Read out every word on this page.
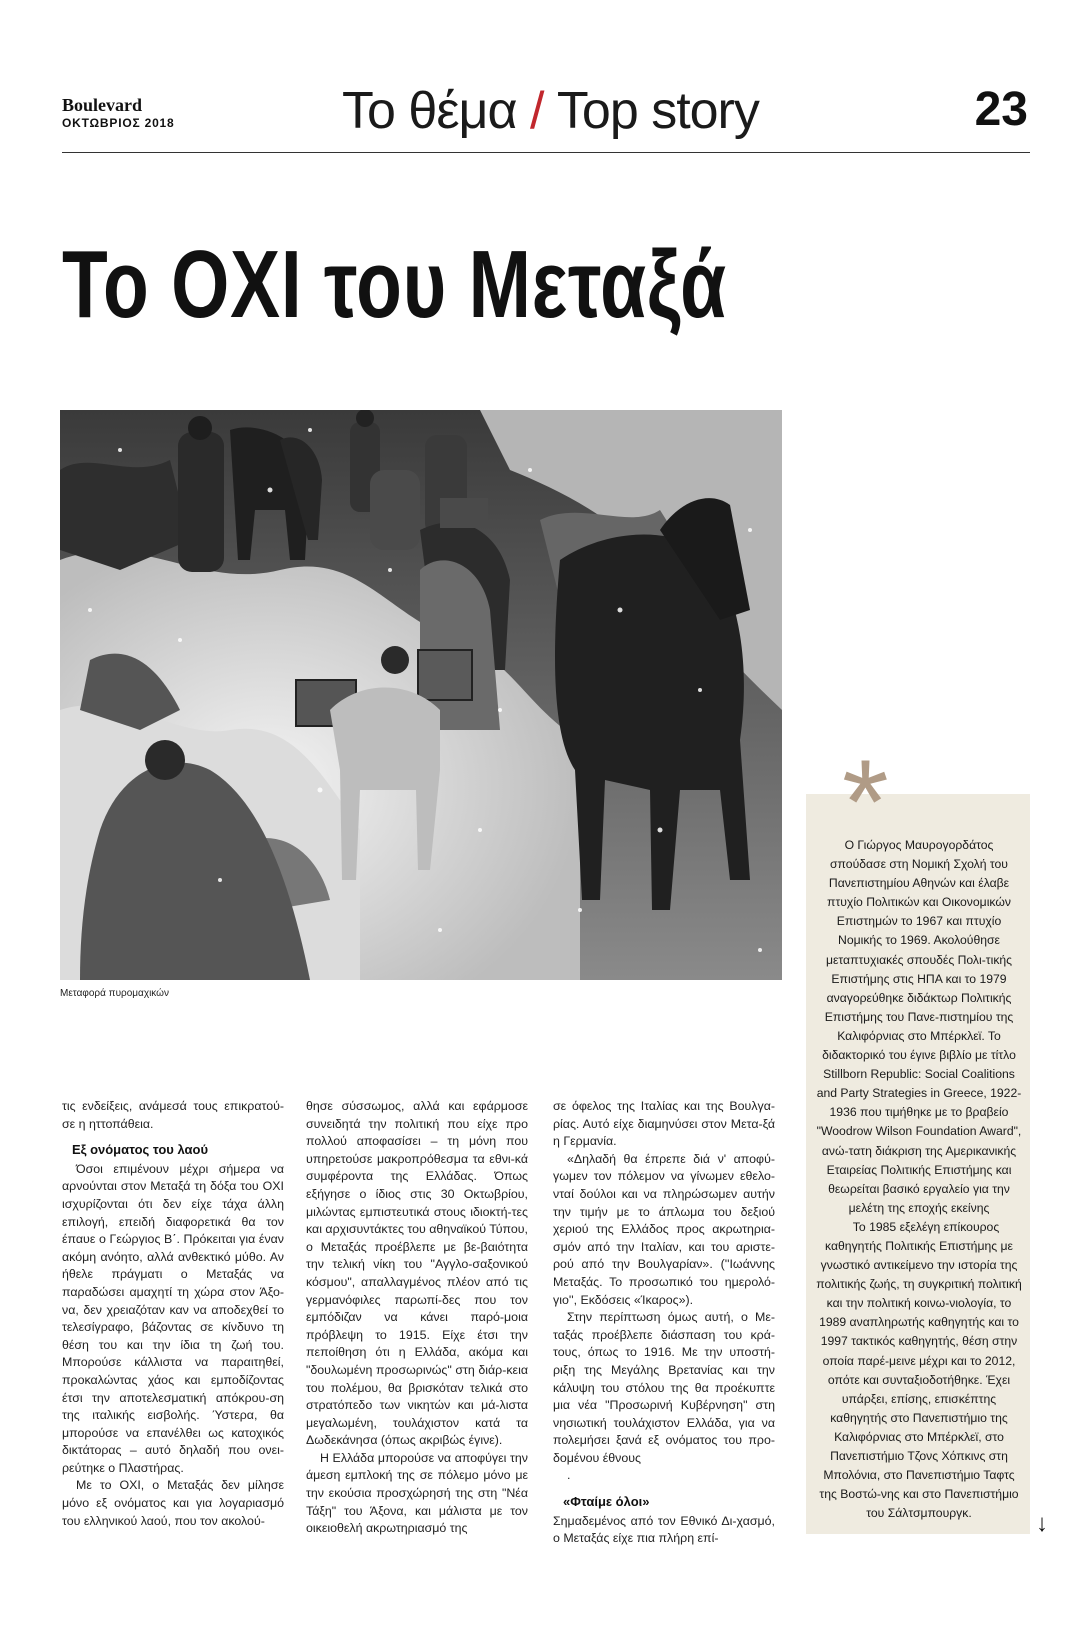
Boulevard
ΟΚΤΩΒΡΙΟΣ 2018	Το θέμα / Top story	23
Το ΟΧΙ του Μεταξά
Μεταφορά πυρομαχικών

τις ενδείξεις, ανάμεσά τους επικρατού-σε η ηττοπάθεια.

Εξ ονόματος του λαού

Όσοι επιμένουν μέχρι σήμερα να αρνούνται στον Μεταξά τη δόξα του ΟΧΙ ισχυρίζονται ότι δεν είχε τάχα άλλη επιλογή, επειδή διαφορετικά θα τον έπαυε ο Γεώργιος Β΄. Πρόκειται για έναν ακόμη ανόητο, αλλά ανθεκτικό μύθο. Αν ήθελε πράγματι ο Μεταξάς να παραδώσει αμαχητί τη χώρα στον Άξο-να, δεν χρειαζόταν καν να αποδεχθεί το τελεσίγραφο, βάζοντας σε κίνδυνο τη θέση του και την ίδια τη ζωή του. Μπορούσε κάλλιστα να παραιτηθεί, προκαλώντας χάος και εμποδίζοντας έτσι την αποτελεσματική απόκρου-ση της ιταλικής εισβολής. Ύστερα, θα μπορούσε να επανέλθει ως κατοχικός δικτάτορας – αυτό δηλαδή που ονει-ρεύτηκε ο Πλαστήρας.

Με το ΟΧΙ, ο Μεταξάς δεν μίλησε μόνο εξ ονόματος και για λογαριασμό του ελληνικού λαού, που τον ακολού-

θησε σύσσωμος, αλλά και εφάρμοσε συνειδητά την πολιτική που είχε προ πολλού αποφασίσει – τη μόνη που υπηρετούσε μακροπρόθεσμα τα εθνι-κά συμφέροντα της Ελλάδας. Όπως εξήγησε ο ίδιος στις 30 Οκτωβρίου, μιλώντας εμπιστευτικά στους ιδιοκτή-τες και αρχισυντάκτες του αθηναϊκού Τύπου, ο Μεταξάς προέβλεπε με βε-βαιότητα την τελική νίκη του "Αγγλο-σαξονικού κόσμου", απαλλαγμένος πλέον από τις γερμανόφιλες παρωπί-δες που τον εμπόδιζαν να κάνει παρό-μοια πρόβλεψη το 1915. Είχε έτσι την πεποίθηση ότι η Ελλάδα, ακόμα και "δουλωμένη προσωρινώς" στη διάρ-κεια του πολέμου, θα βρισκόταν τελικά στο στρατόπεδο των νικητών και μά-λιστα μεγαλωμένη, τουλάχιστον κατά τα Δωδεκάνησα (όπως ακριβώς έγινε).

Η Ελλάδα μπορούσε να αποφύγει την άμεση εμπλοκή της σε πόλεμο μόνο με την εκούσια προσχώρησή της στη "Νέα Τάξη" του Άξονα, και μάλιστα με τον οικειοθελή ακρωτηριασμό της

σε όφελος της Ιταλίας και της Βουλγα-ρίας. Αυτό είχε διαμηνύσει στον Μετα-ξά η Γερμανία.

«Δηλαδή θα έπρεπε διά ν' αποφύ-γωμεν τον πόλεμον να γίνωμεν εθελο-νταί δούλοι και να πληρώσωμεν αυτήν την τιμήν με το άπλωμα του δεξιού χεριού της Ελλάδος προς ακρωτηρια-σμόν από την Ιταλίαν, και του αριστε-ρού από την Βουλγαρίαν». (''Ιωάννης Μεταξάς. Το προσωπικό του ημερολό-γιο'', Εκδόσεις «Ίκαρος»).

Στην περίπτωση όμως αυτή, ο Με-ταξάς προέβλεπε διάσπαση του κρά-τους, όπως το 1916. Με την υποστή-ριξη της Μεγάλης Βρετανίας και την κάλυψη του στόλου της θα προέκυπτε μια νέα "Προσωρινή Κυβέρνηση" στη νησιωτική τουλάχιστον Ελλάδα, για να πολεμήσει ξανά εξ ονόματος του προ-δομένου έθνους

.

«Φταίμε όλοι»

Σημαδεμένος από τον Εθνικό Δι-χασμό, ο Μεταξάς είχε πια πλήρη επί-

*

Ο Γιώργος Μαυρογορδάτος σπούδασε στη Νομική Σχολή του Πανεπιστημίου Αθηνών και έλαβε πτυχίο Πολιτικών και Οικονομικών Επιστημών το 1967 και πτυχίο Νομικής το 1969. Ακολούθησε μεταπτυχιακές σπουδές Πολι-τικής Επιστήμης στις ΗΠΑ και το 1979 αναγορεύθηκε διδάκτωρ Πολιτικής Επιστήμης του Πανε-πιστημίου της Καλιφόρνιας στο Μπέρκλεϊ. Το διδακτορικό του έγινε βιβλίο με τίτλο Stillborn Republic: Social Coalitions and Party Strategies in Greece, 1922-1936 που τιμήθηκε με το βραβείο "Woodrow Wilson Foundation Award", ανώ-τατη διάκριση της Αμερικανικής Εταιρείας Πολιτικής Επιστήμης και θεωρείται βασικό εργαλείο για την μελέτη της εποχής εκείνης

Το 1985 εξελέγη επίκουρος καθηγητής Πολιτικής Επιστήμης με γνωστικό αντικείμενο την ιστορία της πολιτικής ζωής, τη συγκριτική πολιτική και την πολιτική κοινω-νιολογία, το 1989 αναπληρωτής καθηγητής και το 1997 τακτικός καθηγητής, θέση στην οποία παρέ-μεινε μέχρι και το 2012, οπότε και συνταξιοδοτήθηκε. Έχει υπάρξει, επίσης, επισκέπτης καθηγητής στο Πανεπιστήμιο της Καλιφόρνιας στο Μπέρκλεϊ, στο Πανεπιστήμιο Τζονς Χόπκινς στη Μπολόνια, στο Πανεπιστήμιο Ταφτς της Βοστώ-νης και στο Πανεπιστήμιο του Σάλτσμπουργκ.	↓
